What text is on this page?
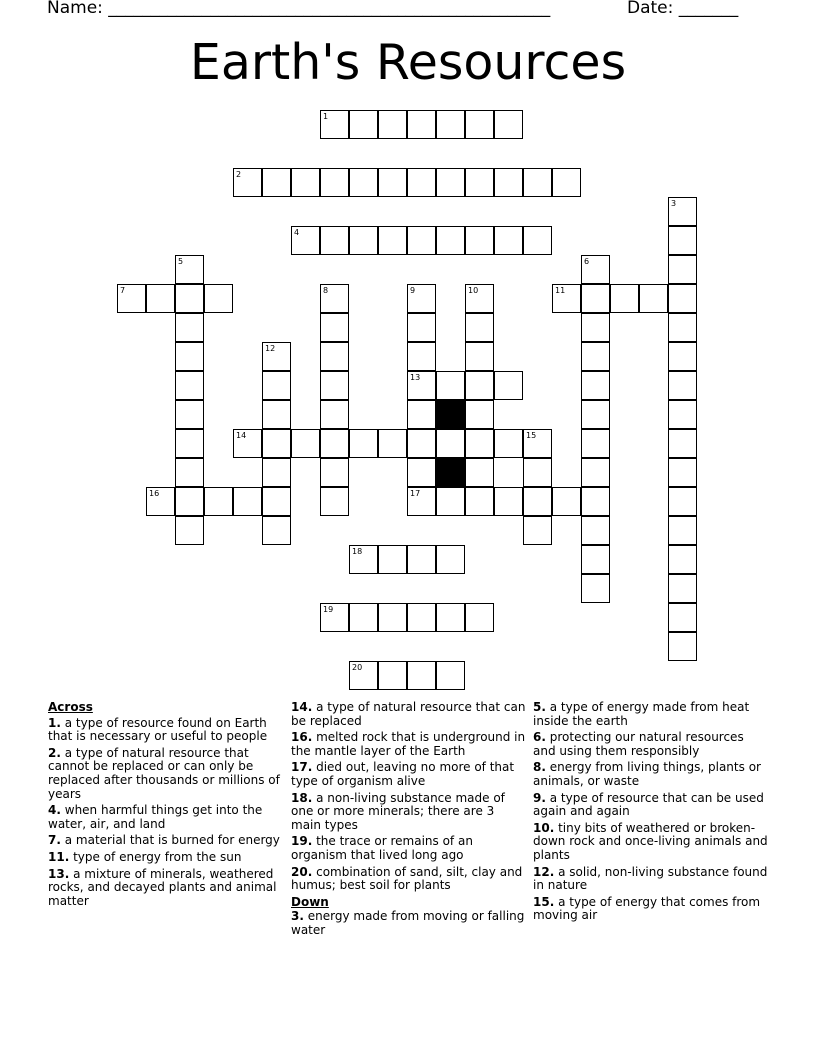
Name: ____________________________________________________

	Date: _______

Earth's Resources
1
2
3
4
5	6
7	8	9	10	11
12
13
14	15
16	17
18
19
20
Across
1. a type of resource found on Earth that is necessary or useful to people
2. a type of natural resource that cannot be replaced or can only be replaced after thousands or millions of years
4. when harmful things get into the water, air, and land
7. a material that is burned for energy
11. type of energy from the sun
13. a mixture of minerals, weathered rocks, and decayed plants and animal matter
14. a type of natural resource that can be replaced
16. melted rock that is underground in the mantle layer of the Earth
17. died out, leaving no more of that type of organism alive
18. a non-living substance made of one or more minerals; there are 3 main types
19. the trace or remains of an organism that lived long ago
20. combination of sand, silt, clay and humus; best soil for plants
Down
3. energy made from moving or falling water
5. a type of energy made from heat inside the earth
6. protecting our natural resources and using them responsibly
8. energy from living things, plants or animals, or waste
9. a type of resource that can be used again and again
10. tiny bits of weathered or broken-down rock and once-living animals and plants
12. a solid, non-living substance found in nature
15. a type of energy that comes from moving air
